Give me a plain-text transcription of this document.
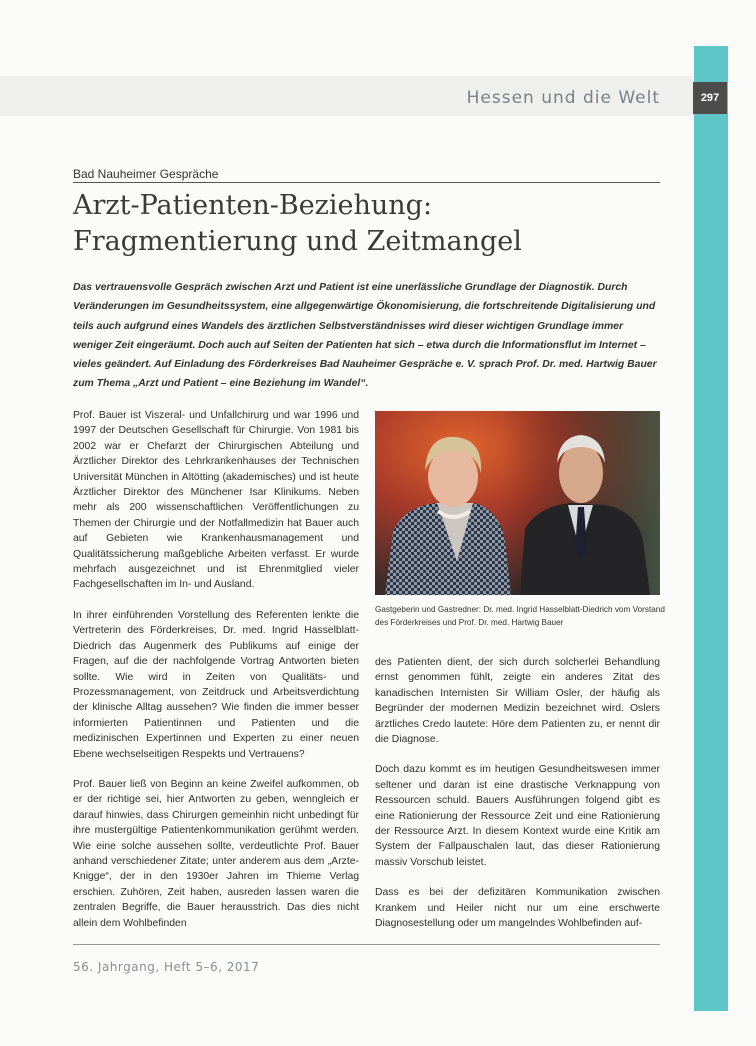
Hessen und die Welt	297
Bad Nauheimer Gespräche
Arzt-Patienten-Beziehung:
Fragmentierung und Zeitmangel

Das vertrauensvolle Gespräch zwischen Arzt und Patient ist eine unerlässliche Grundlage der Diagnostik. Durch Veränderungen im Gesundheitssystem, eine allgegenwärtige Ökonomisierung, die fortschreitende Digitalisierung und teils auch aufgrund eines Wandels des ärztlichen Selbstverständnisses wird dieser wichtigen Grundlage immer weniger Zeit eingeräumt. Doch auch auf Seiten der Patienten hat sich – etwa durch die Informationsflut im Internet – vieles geändert. Auf Einladung des Förderkreises Bad Nauheimer Gespräche e. V. sprach Prof. Dr. med. Hartwig Bauer zum Thema „Arzt und Patient – eine Beziehung im Wandel“.

Prof. Bauer ist Viszeral- und Unfallchirurg und war 1996 und 1997 der Deutschen Gesellschaft für Chirurgie. Von 1981 bis 2002 war er Chefarzt der Chirurgischen Abteilung und Ärztlicher Direktor des Lehrkrankenhauses der Technischen Universität München in Altötting (akademisches) und ist heute Ärztlicher Direktor des Münchener Isar Klinikums. Neben mehr als 200 wissenschaftlichen Veröffentlichungen zu Themen der Chirurgie und der Notfallmedizin hat Bauer auch auf Gebieten wie Krankenhausmanagement und Qualitätssicherung maßgebliche Arbeiten verfasst. Er wurde mehrfach ausgezeichnet und ist Ehrenmitglied vieler Fachgesellschaften im In- und Ausland.

In ihrer einführenden Vorstellung des Referenten lenkte die Vertreterin des Förderkreises, Dr. med. Ingrid Hasselblatt-Diedrich das Augenmerk des Publikums auf einige der Fragen, auf die der nachfolgende Vortrag Antworten bieten sollte. Wie wird in Zeiten von Qualitäts- und Prozessmanagement, von Zeitdruck und Arbeitsverdichtung der klinische Alltag aussehen? Wie finden die immer besser informierten Patientinnen und Patienten und die medizinischen Expertinnen und Experten zu einer neuen Ebene wechselseitigen Respekts und Vertrauens?

Prof. Bauer ließ von Beginn an keine Zweifel aufkommen, ob er der richtige sei, hier Antworten zu geben, wenngleich er darauf hinwies, dass Chirurgen gemeinhin nicht unbedingt für ihre mustergültige Patientenkommunikation gerühmt werden. Wie eine solche aussehen sollte, verdeutlichte Prof. Bauer anhand verschiedener Zitate; unter anderem aus dem „Arzte-Knigge“, der in den 1930er Jahren im Thieme Verlag erschien. Zuhören, Zeit haben, ausreden lassen waren die zentralen Begriffe, die Bauer herausstrich. Das dies nicht allein dem Wohlbefinden

Gastgeberin und Gastredner: Dr. med. Ingrid Hasselblatt-Diedrich vom Vorstand des Förderkreises und Prof. Dr. med. Hartwig Bauer

des Patienten dient, der sich durch solcherlei Behandlung ernst genommen fühlt, zeigte ein anderes Zitat des kanadischen Internisten Sir William Osler, der häufig als Begründer der modernen Medizin bezeichnet wird. Oslers ärztliches Credo lautete: Höre dem Patienten zu, er nennt dir die Diagnose.

Doch dazu kommt es im heutigen Gesundheitswesen immer seltener und daran ist eine drastische Verknappung von Ressourcen schuld. Bauers Ausführungen folgend gibt es eine Rationierung der Ressource Zeit und eine Rationierung der Ressource Arzt. In diesem Kontext wurde eine Kritik am System der Fallpauschalen laut, das dieser Rationierung massiv Vorschub leistet.

Dass es bei der defizitären Kommunikation zwischen Krankem und Heiler nicht nur um eine erschwerte Diagnosestellung oder um mangelndes Wohlbefinden auf-

56. Jahrgang, Heft 5–6, 2017
